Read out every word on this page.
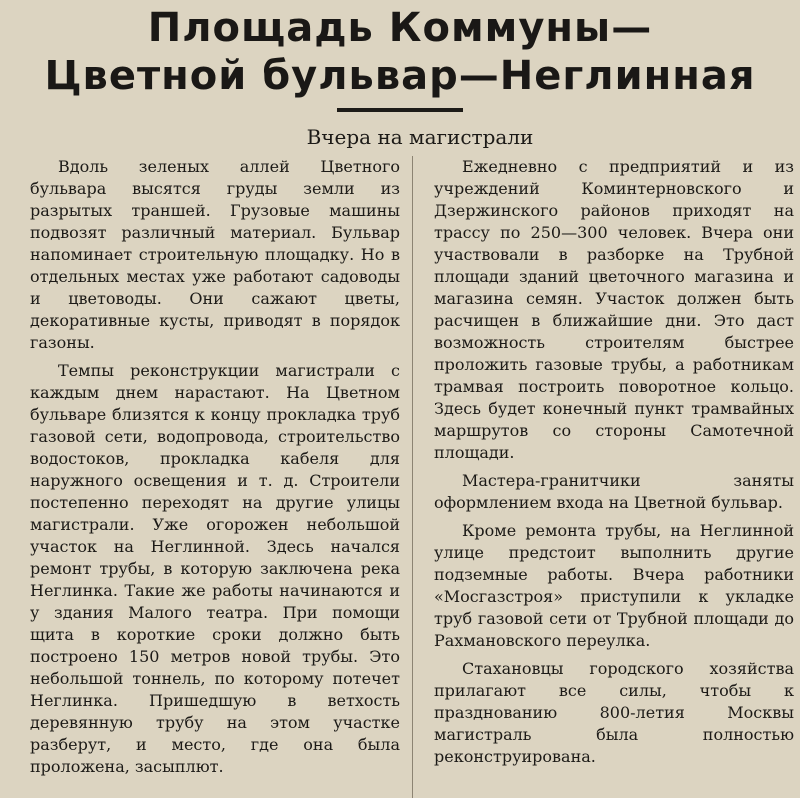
Площадь Коммуны—
Цветной бульвар—Неглинная
Вчера на магистрали

Вдоль зеленых аллей Цветного бульвара высятся груды земли из разрытых траншей. Грузовые машины подвозят различный материал. Бульвар напоминает строительную площадку. Но в отдельных местах уже работают садоводы и цветоводы. Они сажают цветы, декоративные кусты, приводят в порядок газоны.

Темпы реконструкции магистрали с каждым днем нарастают. На Цветном бульваре близятся к концу прокладка труб газовой сети, водопровода, строительство водостоков, прокладка кабеля для наружного освещения и т. д. Строители постепенно переходят на другие улицы магистрали. Уже огорожен небольшой участок на Неглинной. Здесь начался ремонт трубы, в которую заключена река Неглинка. Такие же работы начинаются и у здания Малого театра. При помощи щита в короткие сроки должно быть построено 150 метров новой трубы. Это небольшой тоннель, по которому потечет Неглинка. Пришедшую в ветхость деревянную трубу на этом участке разберут, и место, где она была проложена, засыплют.

Ежедневно с предприятий и из учреждений Коминтерновского и Дзержинского районов приходят на трассу по 250—300 человек. Вчера они участвовали в разборке на Трубной площади зданий цветочного магазина и магазина семян. Участок должен быть расчищен в ближайшие дни. Это даст возможность строителям быстрее проложить газовые трубы, а работникам трамвая построить поворотное кольцо. Здесь будет конечный пункт трамвайных маршрутов со стороны Самотечной площади.

Мастера-гранитчики заняты оформлением входа на Цветной бульвар.

Кроме ремонта трубы, на Неглинной улице предстоит выполнить другие подземные работы. Вчера работники «Мосгазстроя» приступили к укладке труб газовой сети от Трубной площади до Рахмановского переулка.

Стахановцы городского хозяйства прилагают все силы, чтобы к празднованию 800-летия Москвы магистраль была полностью реконструирована.
